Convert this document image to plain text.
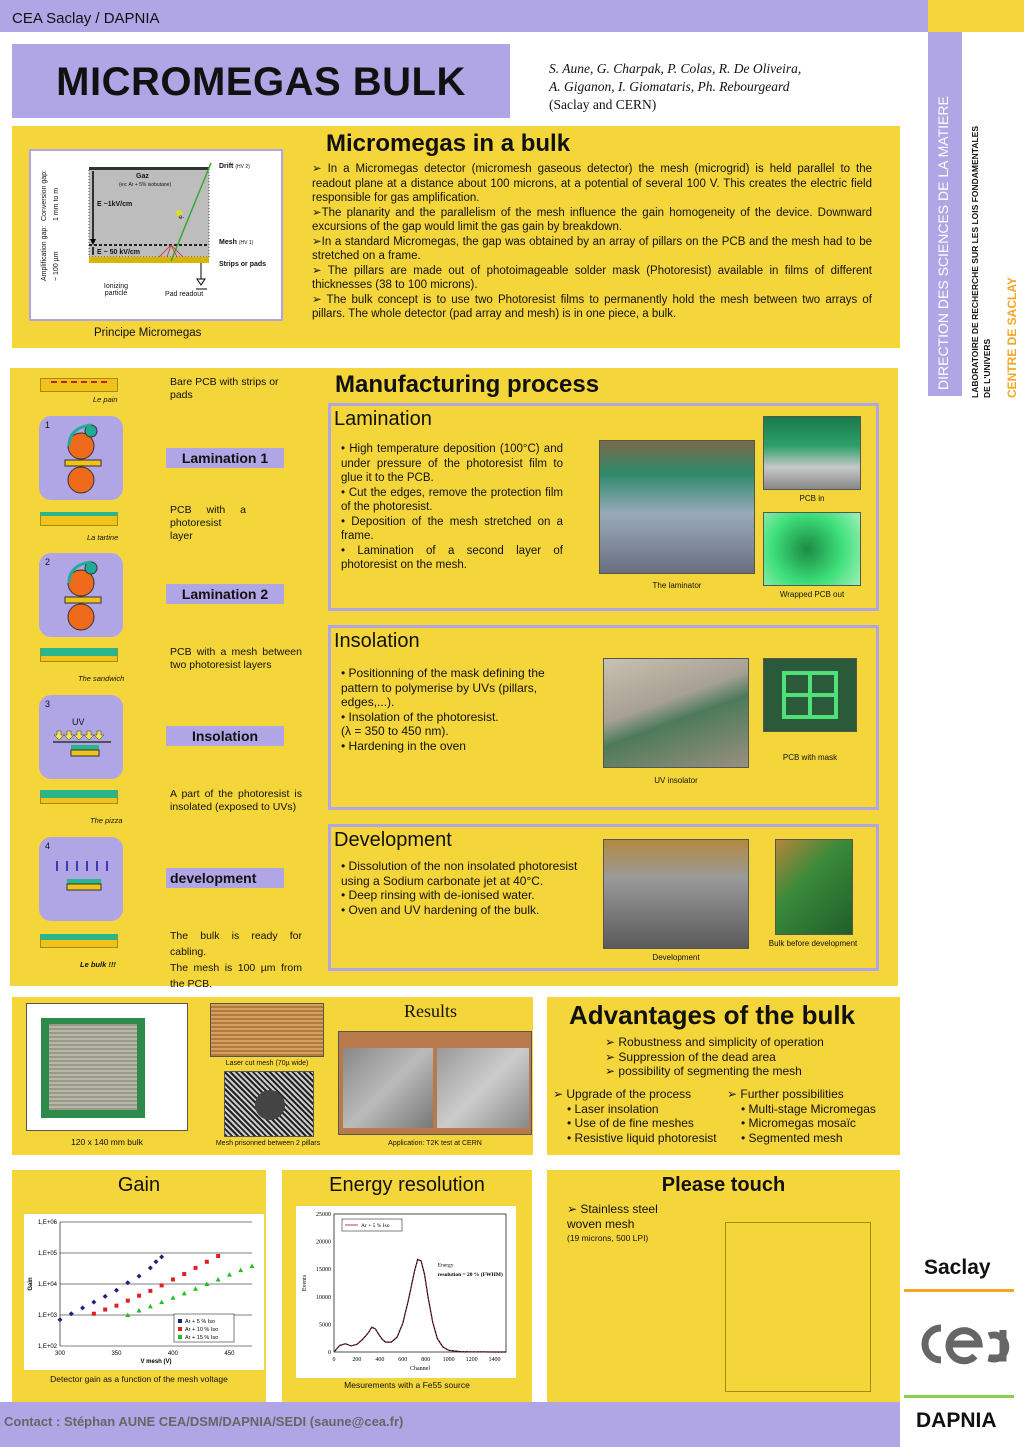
CEA Saclay / DAPNIA
MICROMEGAS BULK	S. Aune, G. Charpak, P. Colas, R. De Oliveira,
A. Giganon, I. Giomataris, Ph. Rebourgeard
(Saclay and CERN)	DIRECTION DES SCIENCES DE LA MATIERE LABORATOIRE DE RECHERCHE SUR LES LOIS FONDAMENTALES DE L'UNIVERS CENTRE DE SACLAY
Saclay
DAPNIA
Micromegas in a bulk
Gaz
(ex: Ar + 5% isobutane)
E ~1kV/cm
E ~ 50 kV/cm
e-
Drift (HV 2)
Mesh (HV 1)
Strips or pads
Conversion gap: 1 mm to m
Amplification gap: ~ 100 µm
Ionizing
particle	Pad readout
Principe Micromegas

➢ In a Micromegas detector (micromesh gaseous detector) the mesh (microgrid) is held parallel to the readout plane at a distance about 100 microns, at a potential of several 100 V. This creates the electric field responsible for gas amplification.

➢The planarity and the parallelism of the mesh influence the gain homogeneity of the device. Downward excursions of the gap would limit the gas gain by breakdown.

➢In a standard Micromegas, the gap was obtained by an array of pillars on the PCB and the mesh had to be stretched on a frame.

➢ The pillars are made out of photoimageable solder mask (Photoresist) available in films of different thicknesses (38 to 100 microns).

➢ The bulk concept is to use two Photoresist films to permanently hold the mesh between two arrays of pillars. The whole detector (pad array and mesh) is in one piece, a bulk.

Manufacturing process
Le pain
Bare PCB with strips or pads
1
Lamination 1
La tartine
PCB with a photoresist layer
2
Lamination 2
The sandwich
PCB with a mesh between two photoresist layers
3
UV
Insolation
The pizza
A part of the photoresist is insolated (exposed to UVs)
4
development
Le bulk !!!
The bulk is ready for cabling.
The mesh is 100 µm from the PCB.
Lamination

• High temperature deposition (100°C) and under pressure of the photoresist film to glue it to the PCB.

• Cut the edges, remove the protection film of the photoresist.

• Deposition of the mesh stretched on a frame.

• Lamination of a second layer of photoresist on the mesh.

The laminator
PCB in
Wrapped PCB out
Insolation
• Positionning of the mask defining the pattern to polymerise by UVs (pillars, edges,...).
• Insolation of the photoresist.
(λ = 350 to 450 nm).
• Hardening in the oven
UV insolator
PCB with mask
Development
• Dissolution of the non insolated photoresist using a Sodium carbonate jet at 40°C.
• Deep rinsing with de-ionised water.
• Oven and UV hardening of the bulk.
Development
Bulk before development
Results
120 x 140 mm bulk
Laser cut mesh (70µ wide)
Mesh prisonned between 2 pillars	Application: T2K test at CERN
Advantages of the bulk
➢ Robustness and simplicity of operation
➢ Suppression of the dead area
➢ possibility of segmenting the mesh
➢ Upgrade of the process
• Laser insolation
• Use of de fine meshes
• Resistive liquid photoresist
➢ Further possibilities
• Multi-stage Micromegas
• Micromegas mosaïc
• Segmented mesh
Gain
1,E+02
1,E+03
1,E+04
1,E+05
1,E+06
300	350	400	450
V mesh (V)
Gain
Ar + 5 % Iso
Ar + 10 % Iso
Ar + 15 % Iso
Detector gain as a function of the mesh voltage
Energy resolution
0
5000
10000
15000
20000
25000
0	200 400 600 800 1000 1200 1400
Channel
Events
Ar + 5 % Iso
Energy
resolution = 20 % (FWHM)
Mesurements with a Fe55 source
Please touch
➢ Stainless steel
woven mesh
(19 microns, 500 LPI)
Contact : Stéphan AUNE CEA/DSM/DAPNIA/SEDI (saune@cea.fr)
